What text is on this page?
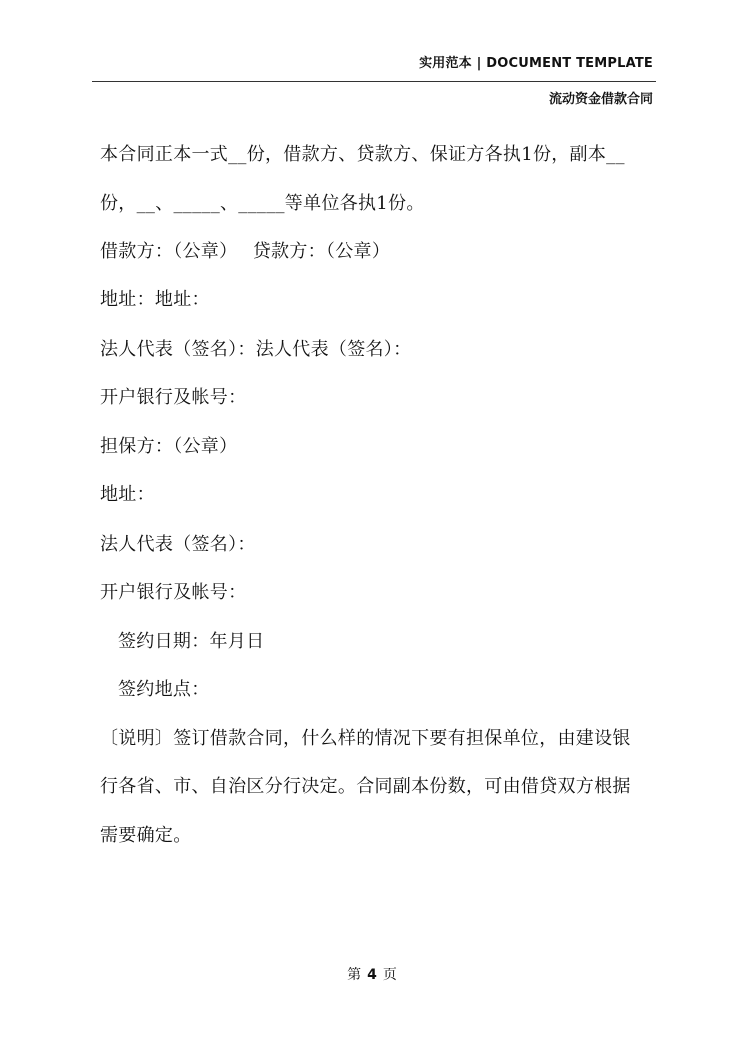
实用范本 | DOCUMENT TEMPLATE
流动资金借款合同
本合同正本一式__份，借款方、贷款方、保证方各执1份，副本__
份，__、_____、_____等单位各执1份。
借款方：（公章）　 贷款方：（公章）
地址：地址：
法人代表（签名）：法人代表（签名）：
开户银行及帐号：
担保方：（公章）
地址：
法人代表（签名）：
开户银行及帐号：
签约日期：年月日
签约地点：
〔说明〕签订借款合同，什么样的情况下要有担保单位，由建设银
行各省、市、自治区分行决定。合同副本份数，可由借贷双方根据
需要确定。
第 4 页
